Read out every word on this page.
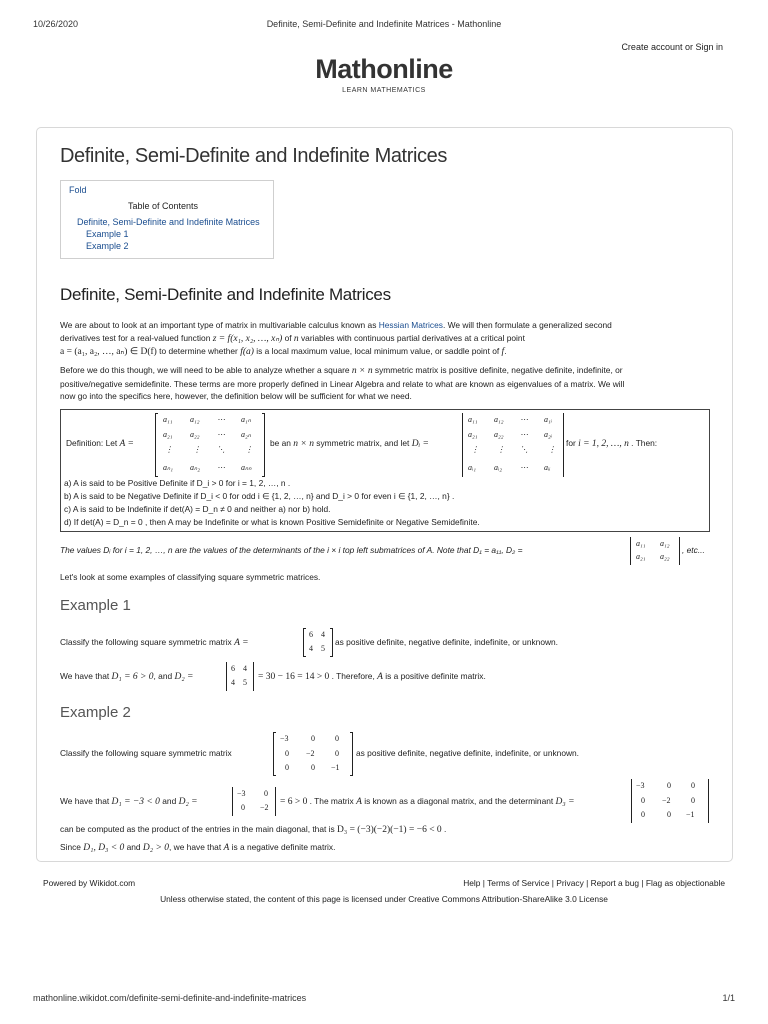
10/26/2020	Definite, Semi-Definite and Indefinite Matrices - Mathonline
Create account or Sign in
Mathonline
LEARN MATHEMATICS
Definite, Semi-Definite and Indefinite Matrices
Fold
Table of Contents
Definite, Semi-Definite and Indefinite Matrices
Example 1
Example 2
Definite, Semi-Definite and Indefinite Matrices
We are about to look at an important type of matrix in multivariable calculus known as Hessian Matrices. We will then formulate a generalized second
derivatives test for a real-valued function z = f(x₁, x₂, …, xₙ) of n variables with continuous partial derivatives at a critical point
a = (a₁, a₂, …, aₙ) ∈ D(f) to determine whether f(a) is a local maximum value, local minimum value, or saddle point of f.
Before we do this though, we will need to be able to analyze whether a square n × n symmetric matrix is positive definite, negative definite, indefinite, or
positive/negative semidefinite. These terms are more properly defined in Linear Algebra and relate to what are known as eigenvalues of a matrix. We will
now go into the specifics here, however, the definition below will be sufficient for what we need.
Definition: Let A =
a₁₁ a₁₂ ⋯ a₁ₙ
a₂₁ a₂₂ ⋯ a₂ₙ
⋮	⋮ ⋱	⋮
aₙ₁ aₙ₂ ⋯ aₙₙ
be an n × n symmetric matrix, and let Dᵢ =
a₁₁ a₁₂ ⋯ a₁ᵢ
a₂₁ a₂₂ ⋯ a₂ᵢ
⋮ ⋮ ⋱	⋮
aᵢ₁ aᵢ₂ ⋯ aᵢᵢ
for i = 1, 2, …, n . Then:
a) A is said to be Positive Definite if D_i > 0 for i = 1, 2, …, n .
b) A is said to be Negative Definite if D_i < 0 for odd i ∈ {1, 2, …, n} and D_i > 0 for even i ∈ {1, 2, …, n} .
c) A is said to be Indefinite if det(A) = D_n ≠ 0 and neither a) nor b) hold.
d) If det(A) = D_n = 0 , then A may be Indefinite or what is known Positive Semidefinite or Negative Semidefinite.
The values Dᵢ for i = 1, 2, …, n are the values of the determinants of the i × i top left submatrices of A. Note that D₁ = a₁₁, D₂ =
a₁₁ a₁₂
a₂₁ a₂₂
, etc...
Let's look at some examples of classifying square symmetric matrices.
Example 1
Classify the following square symmetric matrix A =
6 4
4 5
as positive definite, negative definite, indefinite, or unknown.
We have that D₁ = 6 > 0, and D₂ =
6 4
4 5
= 30 − 16 = 14 > 0 . Therefore, A is a positive definite matrix.
Example 2
Classify the following square symmetric matrix
−3	0	0
0 −2	0
0	0 −1
as positive definite, negative definite, indefinite, or unknown.
We have that D₁ = −3 < 0 and D₂ =
−3 0
0 −2
= 6 > 0 . The matrix A is known as a diagonal matrix, and the determinant D₃ =
−3	0	0
0 −2	0
0	0 −1
can be computed as the product of the entries in the main diagonal, that is D₃ = (−3)(−2)(−1) = −6 < 0 .
Since D₁, D₃ < 0 and D₂ > 0, we have that A is a negative definite matrix.
Powered by Wikidot.com	Help | Terms of Service | Privacy | Report a bug | Flag as objectionable
Unless otherwise stated, the content of this page is licensed under Creative Commons Attribution-ShareAlike 3.0 License
mathonline.wikidot.com/definite-semi-definite-and-indefinite-matrices	1/1
